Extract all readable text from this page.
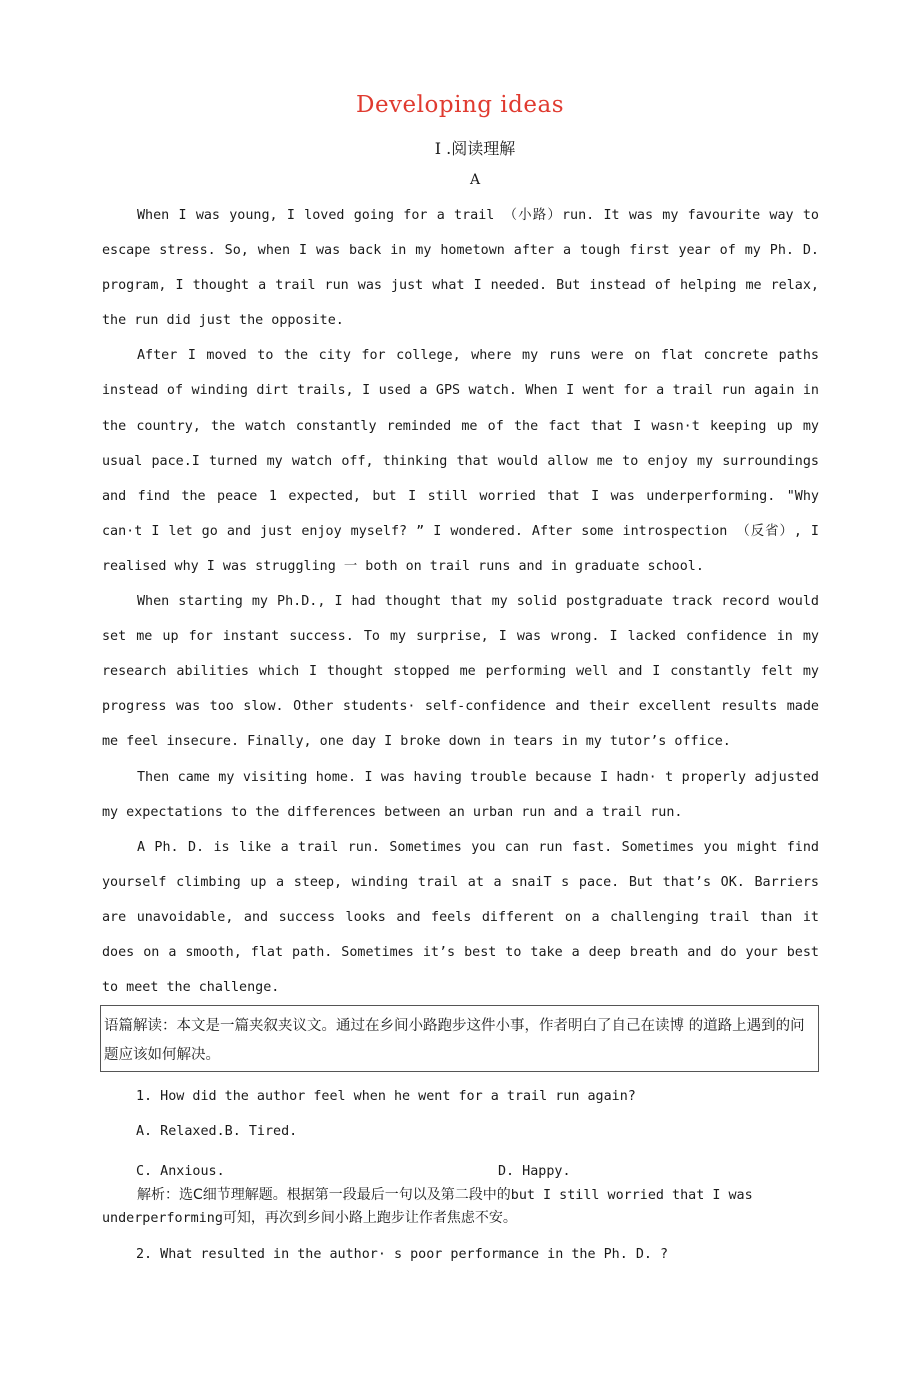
Developing ideas
I .阅读理解
A

When I was young, I loved going for a trail （小路）run. It was my favourite way to escape stress. So, when I was back in my hometown after a tough first year of my Ph. D. program, I thought a trail run was just what I needed. But instead of helping me relax, the run did just the opposite.

After I moved to the city for college, where my runs were on flat concrete paths instead of winding dirt trails, I used a GPS watch. When I went for a trail run again in the country, the watch constantly reminded me of the fact that I wasn·t keeping up my usual pace.I turned my watch off, thinking that would allow me to enjoy my surroundings and find the peace 1 expected, but I still worried that I was underperforming. "Why can·t I let go and just enjoy myself? ” I wondered. After some introspection （反省）, I realised why I was struggling 一 both on trail runs and in graduate school.

When starting my Ph.D., I had thought that my solid postgraduate track record would set me up for instant success. To my surprise, I was wrong. I lacked confidence in my research abilities which I thought stopped me performing well and I constantly felt my progress was too slow. Other students· self-confidence and their excellent results made me feel insecure. Finally, one day I broke down in tears in my tutor’s office.

Then came my visiting home. I was having trouble because I hadn· t properly adjusted my expectations to the differences between an urban run and a trail run.

A Ph. D. is like a trail run. Sometimes you can run fast. Sometimes you might find yourself climbing up a steep, winding trail at a snaiT s pace. But that’s OK. Barriers are unavoidable, and success looks and feels different on a challenging trail than it does on a smooth, flat path. Sometimes it’s best to take a deep breath and do your best to meet the challenge.

语篇解读：本文是一篇夹叙夹议文。通过在乡间小路跑步这件小事，作者明白了自己在读博 的道路上遇到的问题应该如何解决。
1. How did the author feel when he went for a trail run again?
A. Relaxed.B. Tired.
C. Anxious.	D. Happy.
解析：选C细节理解题。根据第一段最后一句以及第二段中的but I still worried that I was underperforming可知，再次到乡间小路上跑步让作者焦虑不安。
2. What resulted in the author· s poor performance in the Ph. D. ?
